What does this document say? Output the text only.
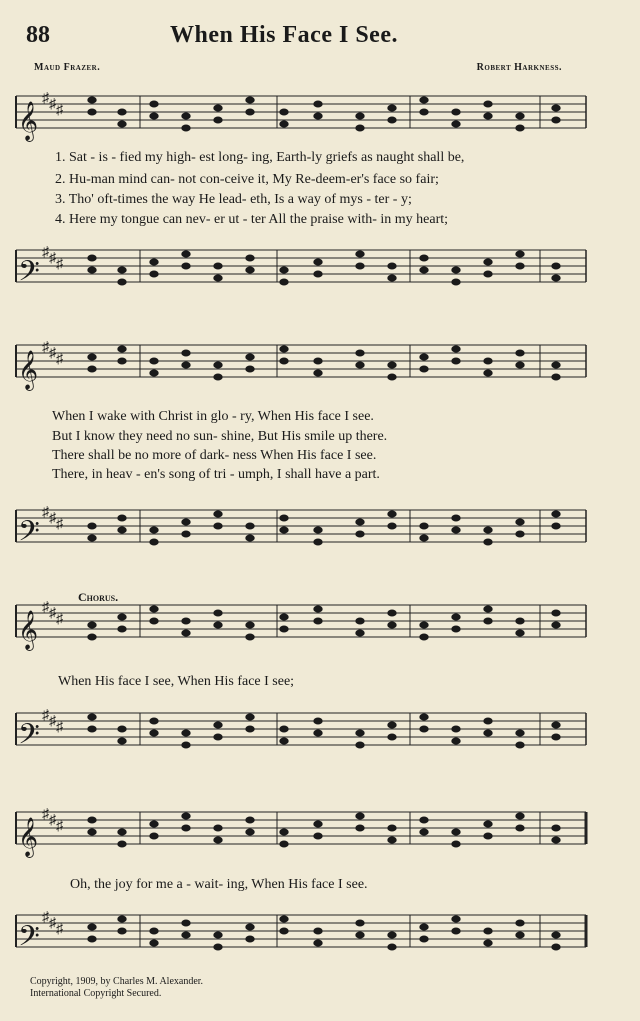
88	When His Face I See.
Maud Frazer.	Robert Harkness.
𝄞
♯ ♯ ♯
𝄢
♯ ♯ ♯
𝄞
♯ ♯ ♯
𝄢
♯ ♯ ♯
𝄞
♯ ♯ ♯
𝄢
♯ ♯ ♯
𝄞
♯ ♯ ♯
𝄢
♯ ♯ ♯
1. Sat - is - fied my high- est long- ing, Earth-ly griefs as naught shall be,
2. Hu-man mind can- not con-ceive it, My Re-deem-er's face so fair;
3. Tho' oft-times the way He lead- eth, Is a way of mys - ter - y;
4. Here my tongue can nev- er ut - ter All the praise with- in my heart;
When I wake with Christ in glo - ry, When His face I see.
But I know they need no sun- shine, But His smile up there.
There shall be no more of dark- ness When His face I see.
There, in heav - en's song of tri - umph, I shall have a part.
Chorus.
When His face I see, When His face I see;
Oh, the joy for me a - wait- ing, When His face I see.
Copyright, 1909, by Charles M. Alexander.
International Copyright Secured.
